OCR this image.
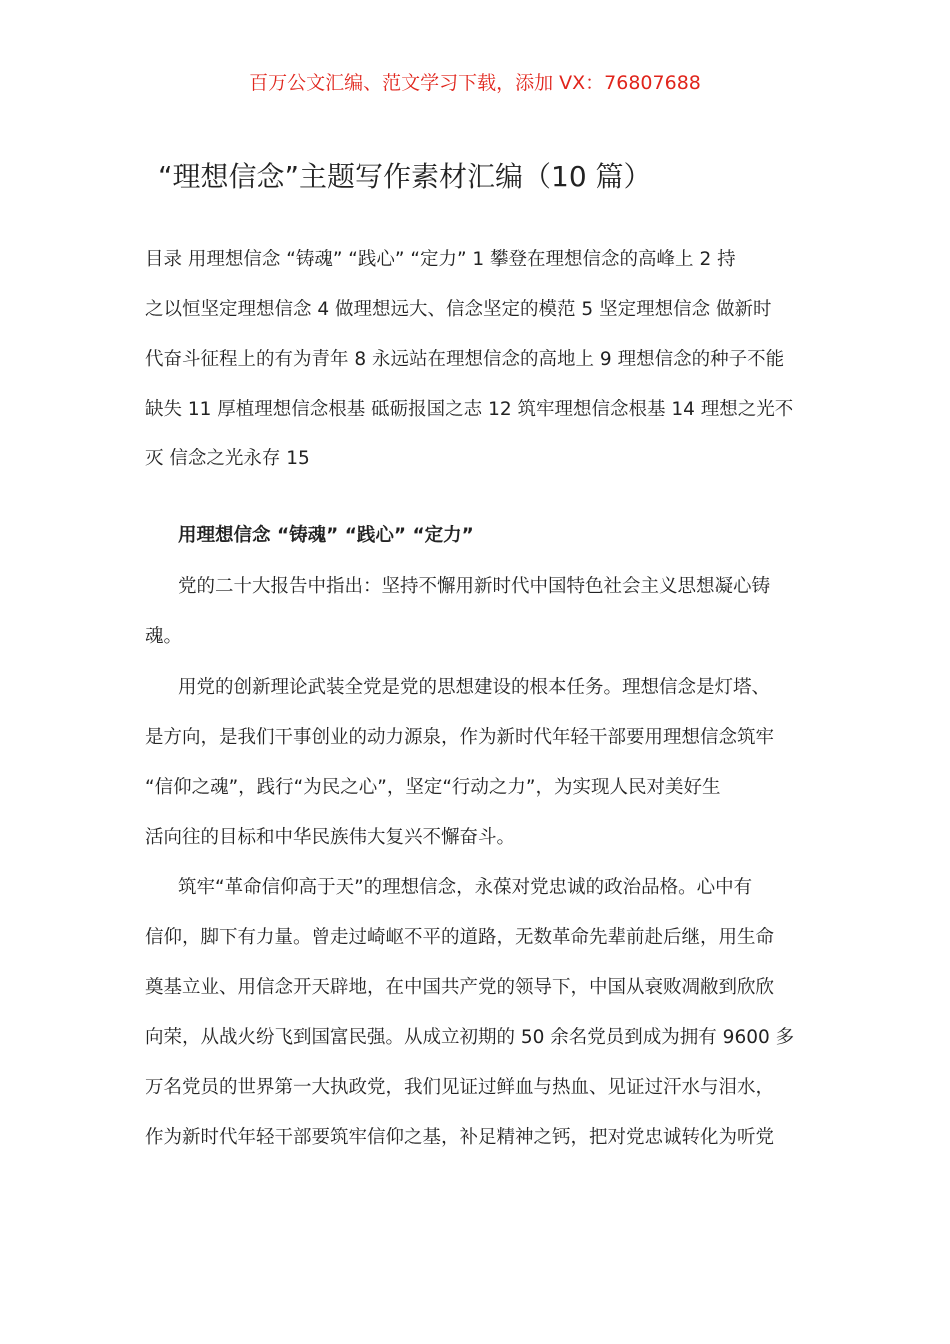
百万公文汇编、范文学习下载，添加 VX：76807688
“理想信念”主题写作素材汇编（10 篇）
目录 用理想信念 “铸魂” “践心” “定力” 1 攀登在理想信念的高峰上 2 持
之以恒坚定理想信念 4 做理想远大、信念坚定的模范 5 坚定理想信念 做新时
代奋斗征程上的有为青年 8 永远站在理想信念的高地上 9 理想信念的种子不能
缺失 11 厚植理想信念根基 砥砺报国之志 12 筑牢理想信念根基 14 理想之光不
灭 信念之光永存 15
用理想信念 “铸魂” “践心” “定力”
党的二十大报告中指出：坚持不懈用新时代中国特色社会主义思想凝心铸
魂。
用党的创新理论武装全党是党的思想建设的根本任务。理想信念是灯塔、
是方向，是我们干事创业的动力源泉，作为新时代年轻干部要用理想信念筑牢
“信仰之魂”，践行“为民之心”，坚定“行动之力”，为实现人民对美好生
活向往的目标和中华民族伟大复兴不懈奋斗。
筑牢“革命信仰高于天”的理想信念，永葆对党忠诚的政治品格。心中有
信仰，脚下有力量。曾走过崎岖不平的道路，无数革命先辈前赴后继，用生命
奠基立业、用信念开天辟地，在中国共产党的领导下，中国从衰败凋敝到欣欣
向荣，从战火纷飞到国富民强。从成立初期的 50 余名党员到成为拥有 9600 多
万名党员的世界第一大执政党，我们见证过鲜血与热血、见证过汗水与泪水，
作为新时代年轻干部要筑牢信仰之基，补足精神之钙，把对党忠诚转化为听党
